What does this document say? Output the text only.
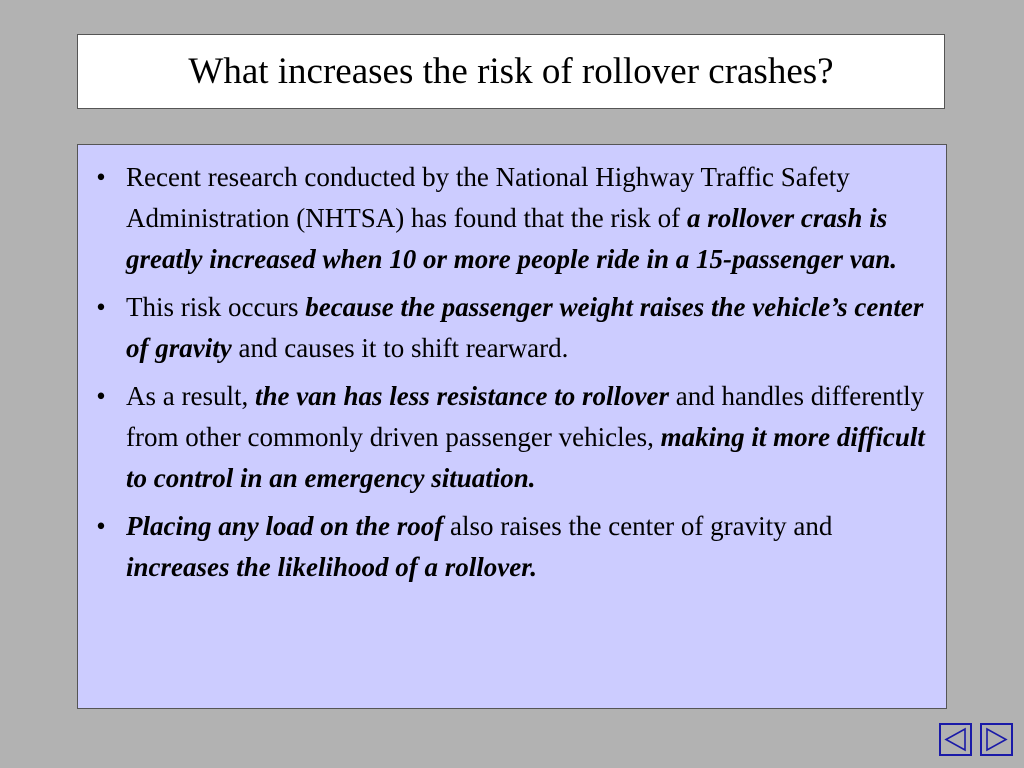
What increases the risk of rollover crashes?
• Recent research conducted by the National Highway Traffic Safety Administration (NHTSA) has found that the risk of a rollover crash is greatly increased when 10 or more people ride in a 15-passenger van.
• This risk occurs because the passenger weight raises the vehicle’s center of gravity and causes it to shift rearward.
• As a result, the van has less resistance to rollover and handles differently from other commonly driven passenger vehicles, making it more difficult to control in an emergency situation.
• Placing any load on the roof also raises the center of gravity and increases the likelihood of a rollover.
